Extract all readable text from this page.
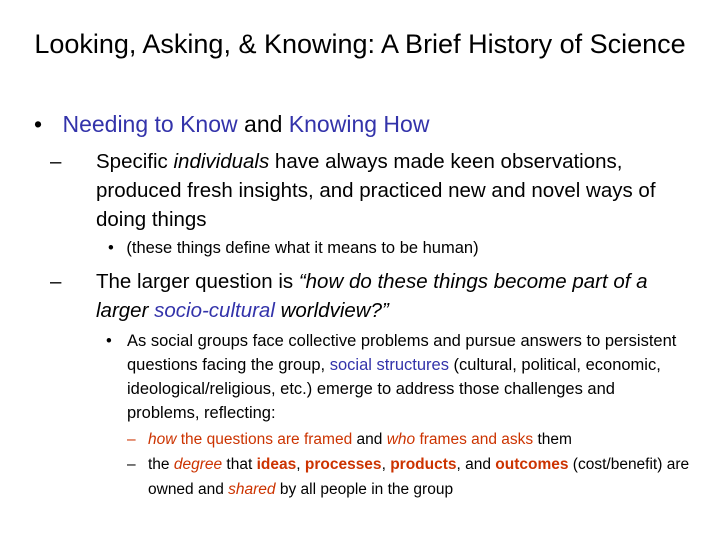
Looking, Asking, & Knowing: A Brief History of Science
• Needing to Know and Knowing How
– Specific individuals have always made keen observations, produced fresh insights, and practiced new and novel ways of doing things
• (these things define what it means to be human)
– The larger question is “how do these things become part of a larger socio-cultural worldview?”
• As social groups face collective problems and pursue answers to persistent questions facing the group, social structures (cultural, political, economic, ideological/religious, etc.) emerge to address those challenges and problems, reflecting:
– how the questions are framed and who frames and asks them
– the degree that ideas, processes, products, and outcomes (cost/benefit) are owned and shared by all people in the group
